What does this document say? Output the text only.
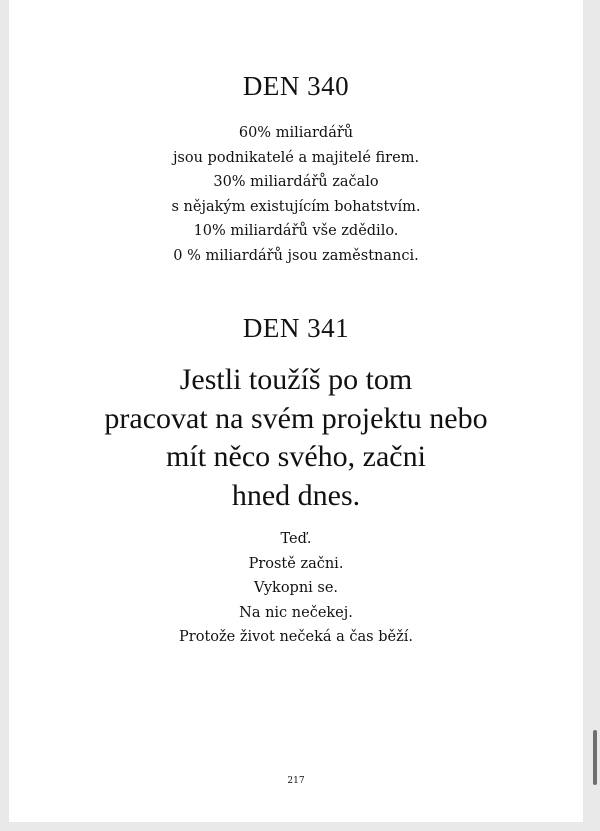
DEN 340
60% miliardářů
jsou podnikatelé a majitelé firem.
30% miliardářů začalo
s nějakým existujícím bohatstvím.
10% miliardářů vše zdědilo.
0 % miliardářů jsou zaměstnanci.
DEN 341
Jestli toužíš po tom
pracovat na svém projektu nebo
mít něco svého, začni
hned dnes.
Teď.
Prostě začni.
Vykopni se.
Na nic nečekej.
Protože život nečeká a čas běží.
217
